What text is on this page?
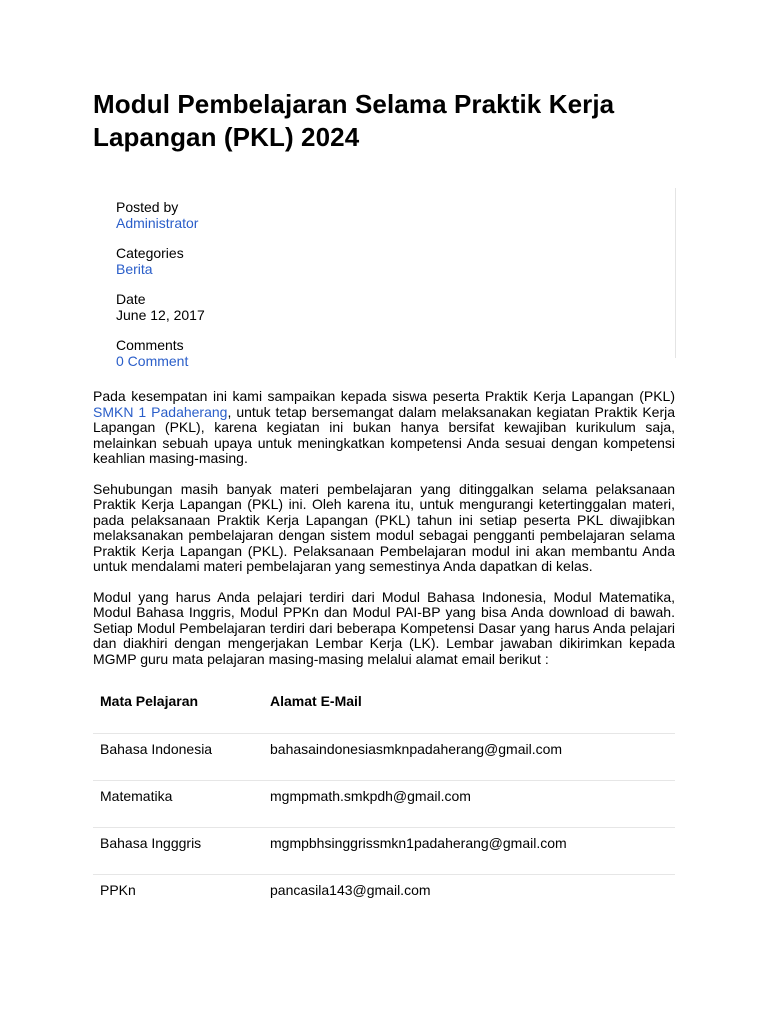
Modul Pembelajaran Selama Praktik Kerja Lapangan (PKL) 2024
Posted by
Administrator
Categories
Berita
Date
June 12, 2017
Comments
0 Comment

Pada kesempatan ini kami sampaikan kepada siswa peserta Praktik Kerja Lapangan (PKL) SMKN 1 Padaherang, untuk tetap bersemangat dalam melaksanakan kegiatan Praktik Kerja Lapangan (PKL), karena kegiatan ini bukan hanya bersifat kewajiban kurikulum saja, melainkan sebuah upaya untuk meningkatkan kompetensi Anda sesuai dengan kompetensi keahlian masing-masing.

Sehubungan masih banyak materi pembelajaran yang ditinggalkan selama pelaksanaan Praktik Kerja Lapangan (PKL) ini. Oleh karena itu, untuk mengurangi ketertinggalan materi, pada pelaksanaan Praktik Kerja Lapangan (PKL) tahun ini setiap peserta PKL diwajibkan melaksanakan pembelajaran dengan sistem modul sebagai pengganti pembelajaran selama Praktik Kerja Lapangan (PKL). Pelaksanaan Pembelajaran modul ini akan membantu Anda untuk mendalami materi pembelajaran yang semestinya Anda dapatkan di kelas.

Modul yang harus Anda pelajari terdiri dari Modul Bahasa Indonesia, Modul Matematika, Modul Bahasa Inggris, Modul PPKn dan Modul PAI-BP yang bisa Anda download di bawah. Setiap Modul Pembelajaran terdiri dari beberapa Kompetensi Dasar yang harus Anda pelajari dan diakhiri dengan mengerjakan Lembar Kerja (LK). Lembar jawaban dikirimkan kepada MGMP guru mata pelajaran masing-masing melalui alamat email berikut :

Mata Pelajaran	Alamat E-Mail
Bahasa Indonesia	bahasaindonesiasmknpadaherang@gmail.com
Matematika	mgmpmath.smkpdh@gmail.com
Bahasa Ingggris	mgmpbhsinggrissmkn1padaherang@gmail.com
PPKn	pancasila143@gmail.com
